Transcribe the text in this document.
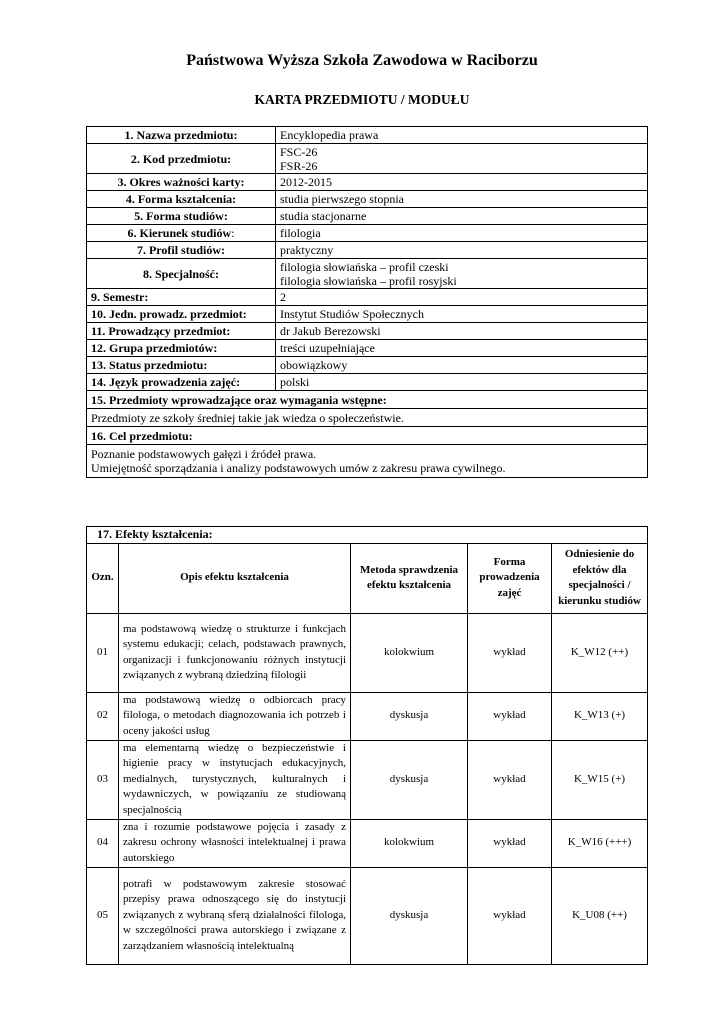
Państwowa Wyższa Szkoła Zawodowa w Raciborzu
KARTA PRZEDMIOTU / MODUŁU
1. Nazwa przedmiotu:	Encyklopedia prawa
2. Kod przedmiotu:	FSC-26
FSR-26

3. Okres ważności karty:	2012-2015
4. Forma kształcenia:	studia pierwszego stopnia
5. Forma studiów:	studia stacjonarne
6. Kierunek studiów:	filologia
7. Profil studiów:	praktyczny
8. Specjalność:	filologia słowiańska – profil czeski
filologia słowiańska – profil rosyjski

9. Semestr:	2
10. Jedn. prowadz. przedmiot:	Instytut Studiów Społecznych
11. Prowadzący przedmiot:	dr Jakub Berezowski
12. Grupa przedmiotów:	treści uzupełniające
13. Status przedmiotu:	obowiązkowy
14. Język prowadzenia zajęć:	polski
15. Przedmioty wprowadzające oraz wymagania wstępne:	
Przedmioty ze szkoły średniej takie jak wiedza o społeczeństwie.	
16. Cel przedmiotu:	

Poznanie podstawowych gałęzi i źródeł prawa.
Umiejętność sporządzania i analizy podstawowych umów z zakresu prawa cywilnego.	
17. Efekty kształcenia:				
Ozn.	Opis efektu kształcenia	Metoda sprawdzenia efektu kształcenia	Forma prowadzenia zajęć	Odniesienie do efektów dla specjalności / kierunku studiów
01	ma podstawową wiedzę o strukturze i funkcjach systemu edukacji; celach, podstawach prawnych, organizacji i funkcjonowaniu różnych instytucji związanych z wybraną dziedziną filologii	kolokwium	wykład	K_W12 (++)
02	ma podstawową wiedzę o odbiorcach pracy filologa, o metodach diagnozowania ich potrzeb i oceny jakości usług	dyskusja	wykład	K_W13 (+)
03	ma elementarną wiedzę o bezpieczeństwie i higienie pracy w instytucjach edukacyjnych, medialnych, turystycznych, kulturalnych i wydawniczych, w powiązaniu ze studiowaną specjalnością	dyskusja	wykład	K_W15 (+)
04	zna i rozumie podstawowe pojęcia i zasady z zakresu ochrony własności intelektualnej i prawa autorskiego	kolokwium	wykład	K_W16 (+++)
05	potrafi w podstawowym zakresie stosować przepisy prawa odnoszącego się do instytucji związanych z wybraną sferą działalności filologa, w szczególności prawa autorskiego i związane z zarządzaniem własnością intelektualną	dyskusja	wykład	K_U08 (++)
